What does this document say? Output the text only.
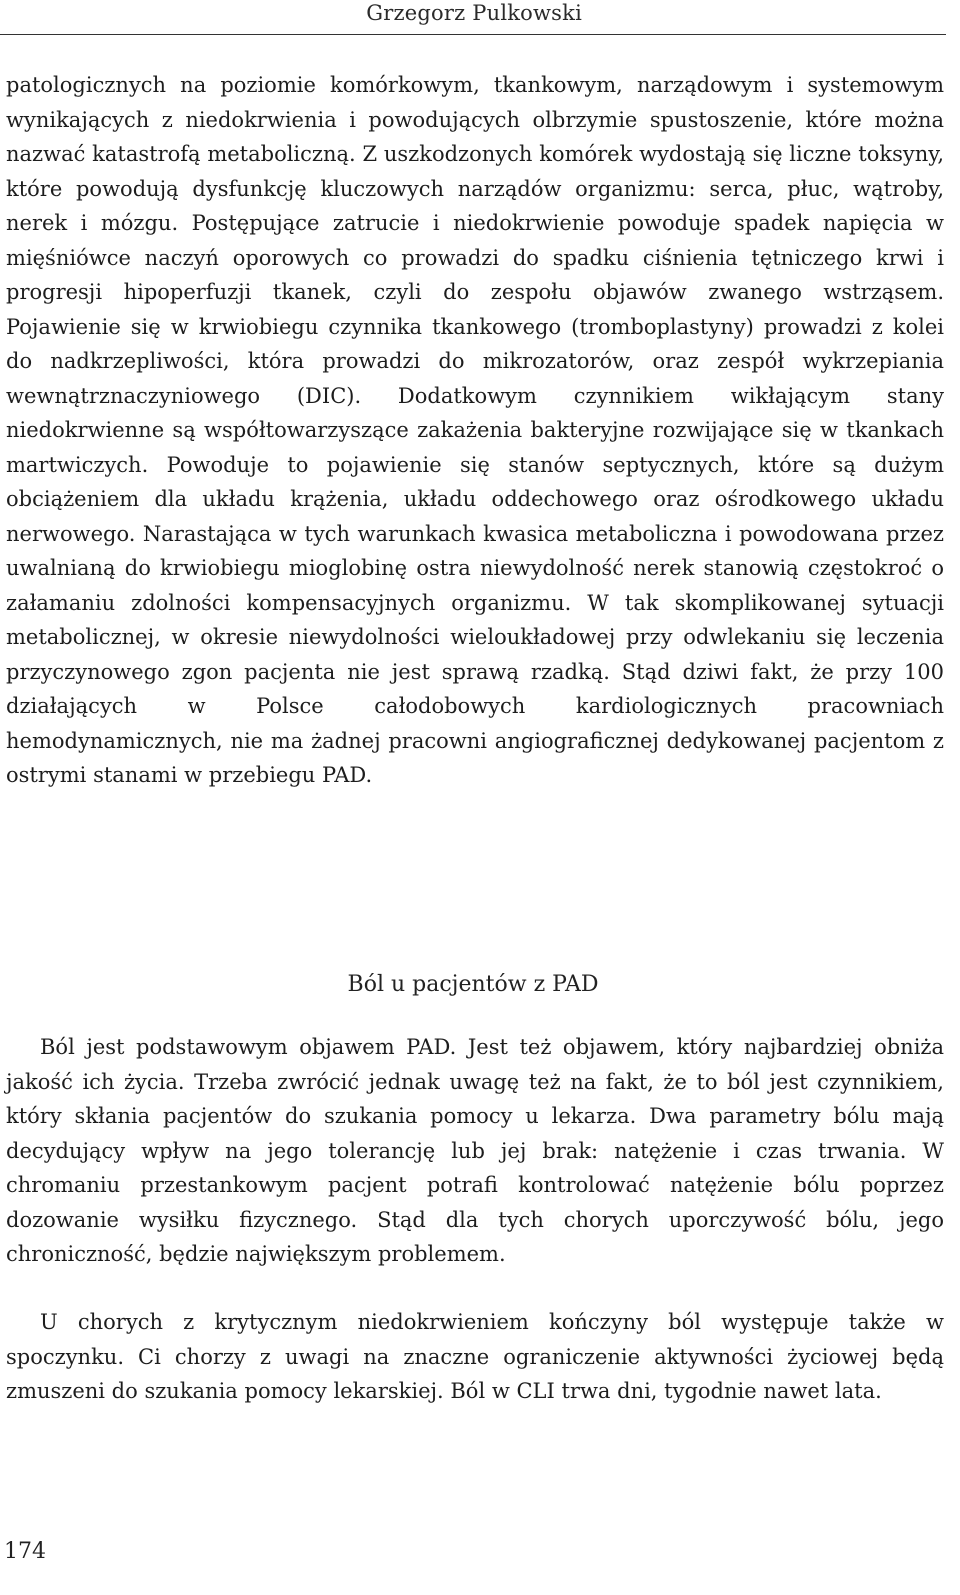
Grzegorz Pulkowski

patologicznych na poziomie komórkowym, tkankowym, narządowym i systemowym wynikających z niedokrwienia i powodujących olbrzymie spustoszenie, które można nazwać katastrofą metaboliczną. Z uszkodzonych komórek wydostają się liczne toksyny, które powodują dysfunkcję kluczowych narządów organizmu: serca, płuc, wątroby, nerek i mózgu. Postępujące zatrucie i niedokrwienie powoduje spadek napięcia w mięśniówce naczyń oporowych co prowadzi do spadku ciśnienia tętniczego krwi i progresji hipoperfuzji tkanek, czyli do zespołu objawów zwanego wstrząsem. Pojawienie się w krwiobiegu czynnika tkankowego (tromboplastyny) prowadzi z kolei do nadkrzepliwości, która prowadzi do mikrozatorów, oraz zespół wykrzepiania wewnątrznaczyniowego (DIC). Dodatkowym czynnikiem wikłającym stany niedokrwienne są współtowarzyszące zakażenia bakteryjne rozwijające się w tkankach martwiczych. Powoduje to pojawienie się stanów septycznych, które są dużym obciążeniem dla układu krążenia, układu oddechowego oraz ośrodkowego układu nerwowego. Narastająca w tych warunkach kwasica metaboliczna i powodowana przez uwalnianą do krwiobiegu mioglobinę ostra niewydolność nerek stanowią częstokroć o załamaniu zdolności kompensacyjnych organizmu. W tak skomplikowanej sytuacji metabolicznej, w okresie niewydolności wieloukładowej przy odwlekaniu się leczenia przyczynowego zgon pacjenta nie jest sprawą rzadką. Stąd dziwi fakt, że przy 100 działających w Polsce całodobowych kardiologicznych pracowniach hemodynamicznych, nie ma żadnej pracowni angiograficznej dedykowanej pacjentom z ostrymi stanami w przebiegu PAD.

Ból u pacjentów z PAD

Ból jest podstawowym objawem PAD. Jest też objawem, który najbardziej obniża jakość ich życia. Trzeba zwrócić jednak uwagę też na fakt, że to ból jest czynnikiem, który skłania pacjentów do szukania pomocy u lekarza. Dwa parametry bólu mają decydujący wpływ na jego tolerancję lub jej brak: natężenie i czas trwania. W chromaniu przestankowym pacjent potrafi kontrolować natężenie bólu poprzez dozowanie wysiłku fizycznego. Stąd dla tych chorych uporczywość bólu, jego chroniczność, będzie największym problemem.

U chorych z krytycznym niedokrwieniem kończyny ból występuje także w spoczynku. Ci chorzy z uwagi na znaczne ograniczenie aktywności życiowej będą zmuszeni do szukania pomocy lekarskiej. Ból w CLI trwa dni, tygodnie nawet lata.

174
